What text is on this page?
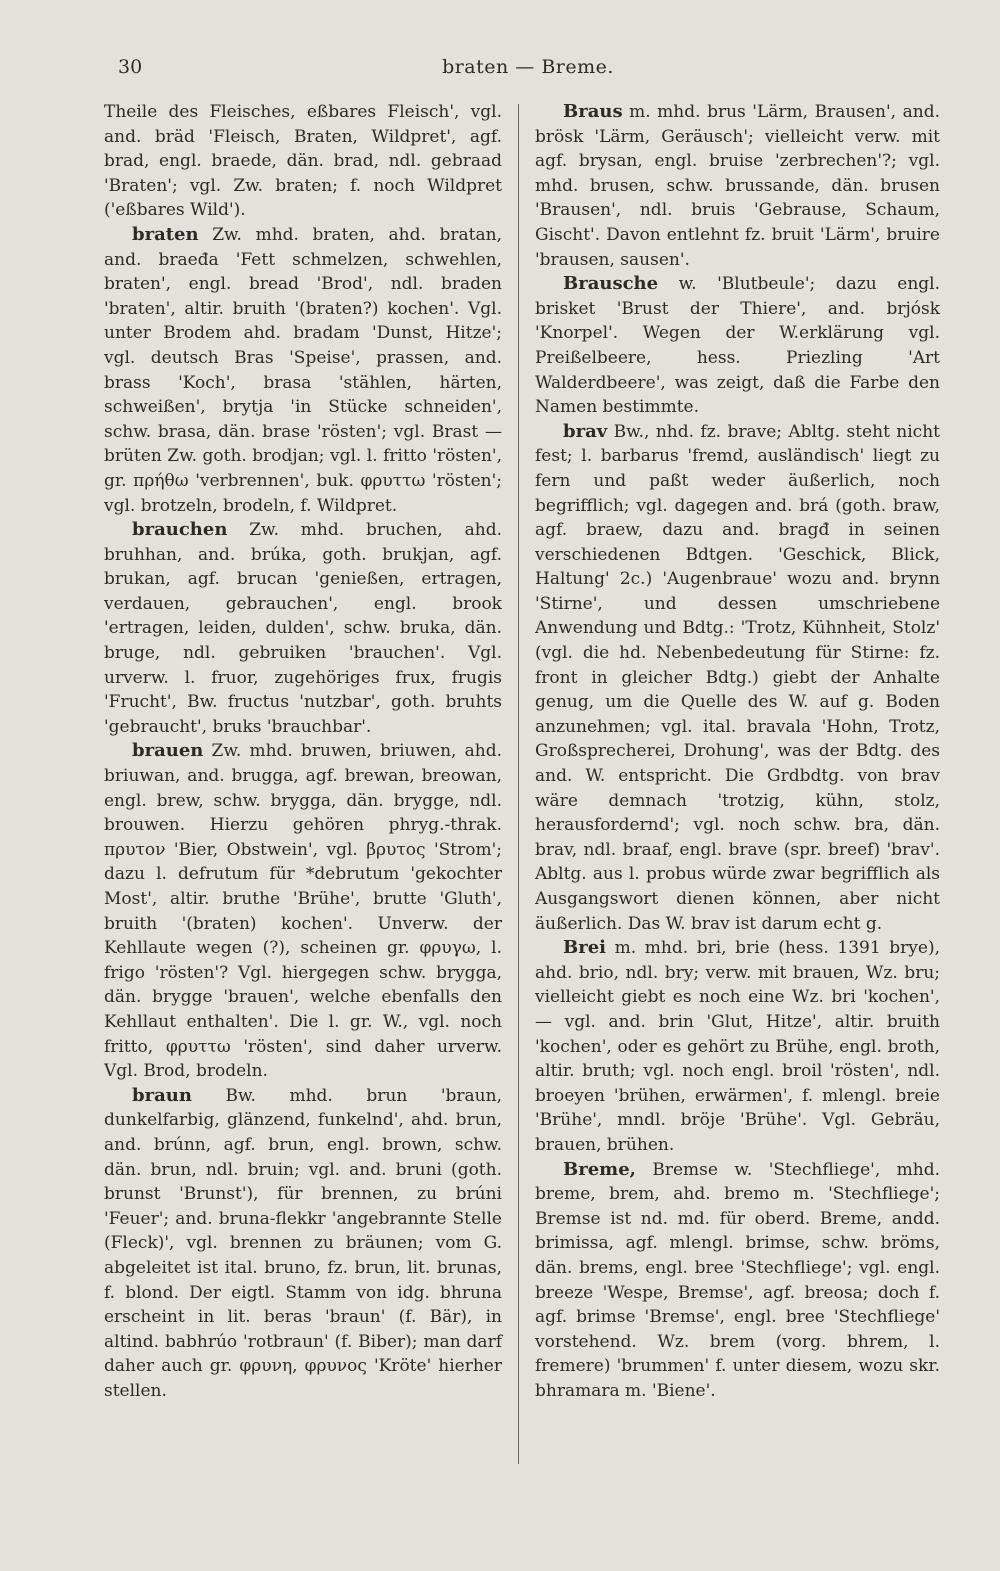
30	braten — Breme.

Theile des Fleisches, eßbares Fleisch', vgl. and. bräd 'Fleisch, Braten, Wildpret', agf. brad, engl. braede, dän. brad, ndl. gebraad 'Braten'; vgl. Zw. braten; f. noch Wildpret ('eßbares Wild').

braten Zw. mhd. braten, ahd. bratan, and. braeđa 'Fett schmelzen, schwehlen, braten', engl. bread 'Brod', ndl. braden 'braten', altir. bruith '(braten?) kochen'. Vgl. unter Brodem ahd. bradam 'Dunst, Hitze'; vgl. deutsch Bras 'Speise', prassen, and. brass 'Koch', brasa 'stählen, härten, schweißen', brytja 'in Stücke schneiden', schw. brasa, dän. brase 'rösten'; vgl. Brast — brüten Zw. goth. brodjan; vgl. l. fritto 'rösten', gr. πρήθω 'verbrennen', buk. φρυττω 'rösten'; vgl. brotzeln, brodeln, f. Wildpret.

brauchen Zw. mhd. bruchen, ahd. bruhhan, and. brúka, goth. brukjan, agf. brukan, agf. brucan 'genießen, ertragen, verdauen, gebrauchen', engl. brook 'ertragen, leiden, dulden', schw. bruka, dän. bruge, ndl. gebruiken 'brauchen'. Vgl. urverw. l. fruor, zugehöriges frux, frugis 'Frucht', Bw. fructus 'nutzbar', goth. bruhts 'gebraucht', bruks 'brauchbar'.

brauen Zw. mhd. bruwen, briuwen, ahd. briuwan, and. brugga, agf. brewan, breowan, engl. brew, schw. brygga, dän. brygge, ndl. brouwen. Hierzu gehören phryg.-thrak. πρυτον 'Bier, Obstwein', vgl. βρυτος 'Strom'; dazu l. defrutum für *debrutum 'gekochter Most', altir. bruthe 'Brühe', brutte 'Gluth', bruith '(braten) kochen'. Unverw. der Kehllaute wegen (?), scheinen gr. φρυγω, l. frigo 'rösten'? Vgl. hiergegen schw. brygga, dän. brygge 'brauen', welche ebenfalls den Kehllaut enthalten'. Die l. gr. W., vgl. noch fritto, φρυττω 'rösten', sind daher urverw. Vgl. Brod, brodeln.

braun Bw. mhd. brun 'braun, dunkelfarbig, glänzend, funkelnd', ahd. brun, and. brúnn, agf. brun, engl. brown, schw. dän. brun, ndl. bruin; vgl. and. bruni (goth. brunst 'Brunst'), für brennen, zu brúni 'Feuer'; and. bruna-flekkr 'angebrannte Stelle (Fleck)', vgl. brennen zu bräunen; vom G. abgeleitet ist ital. bruno, fz. brun, lit. brunas, f. blond. Der eigtl. Stamm von idg. bhruna erscheint in lit. beras 'braun' (f. Bär), in altind. babhrúo 'rotbraun' (f. Biber); man darf daher auch gr. φρυνη, φρυνος 'Kröte' hierher stellen.

Braus m. mhd. brus 'Lärm, Brausen', and. brösk 'Lärm, Geräusch'; vielleicht verw. mit agf. brysan, engl. bruise 'zerbrechen'?; vgl. mhd. brusen, schw. brussande, dän. brusen 'Brausen', ndl. bruis 'Gebrause, Schaum, Gischt'. Davon entlehnt fz. bruit 'Lärm', bruire 'brausen, sausen'.

Brausche w. 'Blutbeule'; dazu engl. brisket 'Brust der Thiere', and. brjósk 'Knorpel'. Wegen der W.erklärung vgl. Preißelbeere, hess. Priezling 'Art Walderdbeere', was zeigt, daß die Farbe den Namen bestimmte.

brav Bw., nhd. fz. brave; Abltg. steht nicht fest; l. barbarus 'fremd, ausländisch' liegt zu fern und paßt weder äußerlich, noch begrifflich; vgl. dagegen and. brá (goth. braw, agf. braew, dazu and. bragđ in seinen verschiedenen Bdtgen. 'Geschick, Blick, Haltung' 2c.) 'Augenbraue' wozu and. brynn 'Stirne', und dessen umschriebene Anwendung und Bdtg.: 'Trotz, Kühnheit, Stolz' (vgl. die hd. Nebenbedeutung für Stirne: fz. front in gleicher Bdtg.) giebt der Anhalte genug, um die Quelle des W. auf g. Boden anzunehmen; vgl. ital. bravala 'Hohn, Trotz, Großsprecherei, Drohung', was der Bdtg. des and. W. entspricht. Die Grdbdtg. von brav wäre demnach 'trotzig, kühn, stolz, herausfordernd'; vgl. noch schw. bra, dän. brav, ndl. braaf, engl. brave (spr. breef) 'brav'. Abltg. aus l. probus würde zwar begrifflich als Ausgangswort dienen können, aber nicht äußerlich. Das W. brav ist darum echt g.

Brei m. mhd. bri, brie (hess. 1391 brye), ahd. brio, ndl. bry; verw. mit brauen, Wz. bru; vielleicht giebt es noch eine Wz. bri 'kochen', — vgl. and. brin 'Glut, Hitze', altir. bruith 'kochen', oder es gehört zu Brühe, engl. broth, altir. bruth; vgl. noch engl. broil 'rösten', ndl. broeyen 'brühen, erwärmen', f. mlengl. breie 'Brühe', mndl. bröje 'Brühe'. Vgl. Gebräu, brauen, brühen.

Breme, Bremse w. 'Stechfliege', mhd. breme, brem, ahd. bremo m. 'Stechfliege'; Bremse ist nd. md. für oberd. Breme, andd. brimissa, agf. mlengl. brimse, schw. bröms, dän. brems, engl. bree 'Stechfliege'; vgl. engl. breeze 'Wespe, Bremse', agf. breosa; doch f. agf. brimse 'Bremse', engl. bree 'Stechfliege' vorstehend. Wz. brem (vorg. bhrem, l. fremere) 'brummen' f. unter diesem, wozu skr. bhramara m. 'Biene'.
